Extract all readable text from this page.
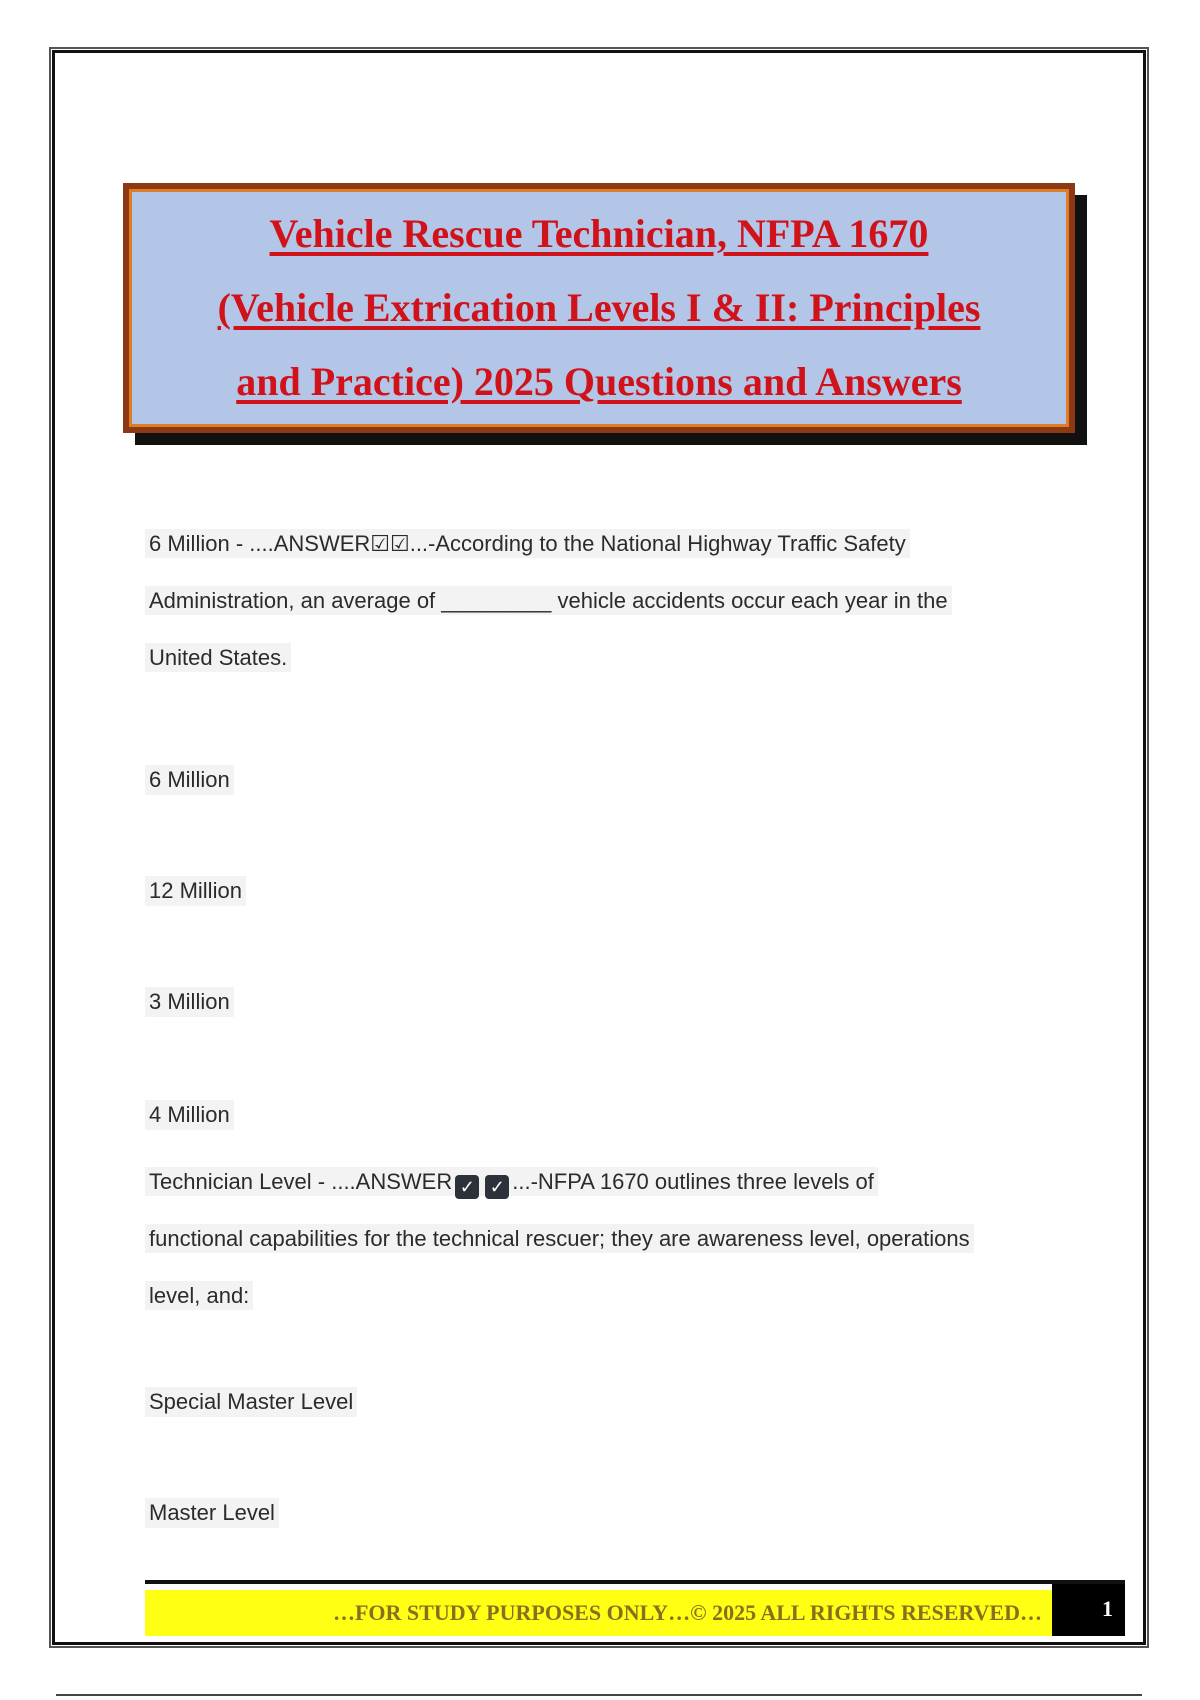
Vehicle Rescue Technician, NFPA 1670
(Vehicle Extrication Levels I & II: Principles
and Practice) 2025 Questions and Answers
6 Million - ....ANSWER☑☑...-According to the National Highway Traffic Safety
Administration, an average of _________ vehicle accidents occur each year in the
United States.
6 Million
12 Million
3 Million
4 Million
Technician Level - ....ANSWER ✓ ✓ ...-NFPA 1670 outlines three levels of
functional capabilities for the technical rescuer; they are awareness level, operations
level, and:
Special Master Level
Master Level
…FOR STUDY PURPOSES ONLY…© 2025 ALL RIGHTS RESERVED…	1
